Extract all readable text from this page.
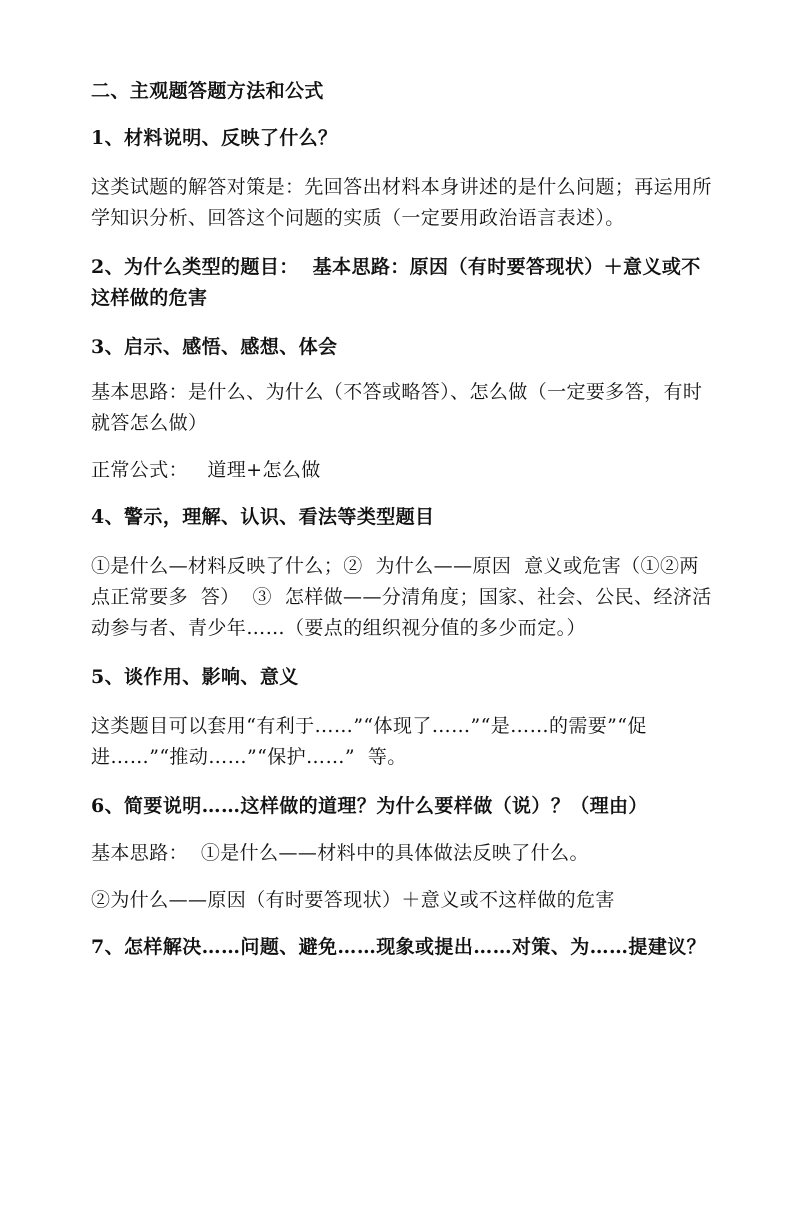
二、主观题答题方法和公式

1、材料说明、反映了什么？

这类试题的解答对策是：先回答出材料本身讲述的是什么问题；再运用所学知识分析、回答这个问题的实质（一定要用政治语言表述）。

2、为什么类型的题目：  基本思路：原因（有时要答现状）＋意义或不这样做的危害

3、启示、感悟、感想、体会

基本思路：是什么、为什么（不答或略答）、怎么做（一定要多答，有时就答怎么做）

正常公式：   道理+怎么做

4、警示，理解、认识、看法等类型题目

①是什么—材料反映了什么；②  为什么——原因  意义或危害（①②两点正常要多  答）  ③  怎样做——分清角度；国家、社会、公民、经济活动参与者、青少年……（要点的组织视分值的多少而定。）

5、谈作用、影响、意义

这类题目可以套用“有利于……”“体现了……”“是……的需要”“促进……”“推动……”“保护……”  等。

6、简要说明……这样做的道理？为什么要样做（说）？（理由）

基本思路：  ①是什么——材料中的具体做法反映了什么。

②为什么——原因（有时要答现状）＋意义或不这样做的危害

7、怎样解决……问题、避免……现象或提出……对策、为……提建议？
